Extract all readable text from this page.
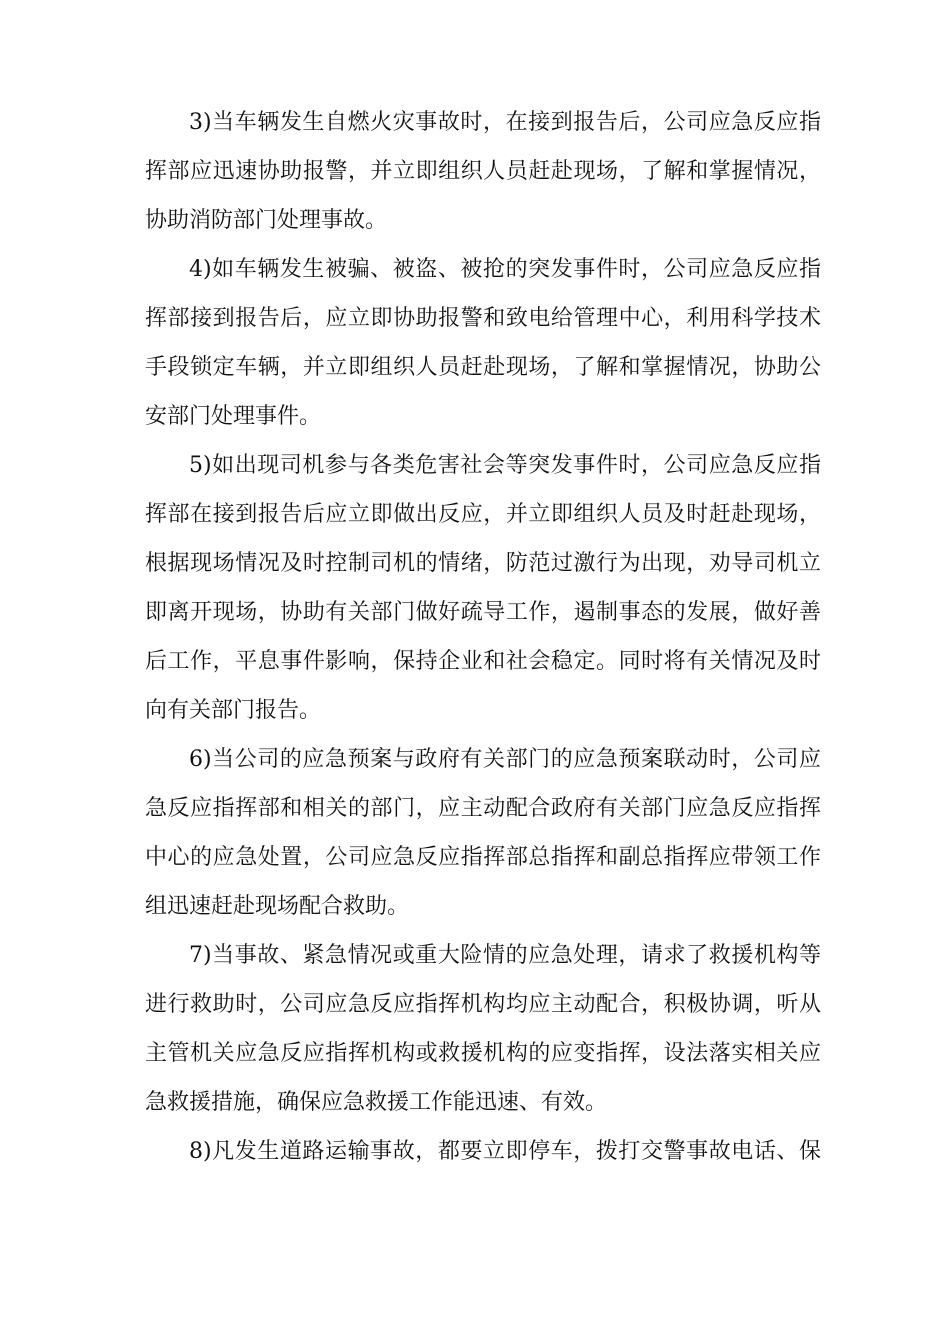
3)当车辆发生自燃火灾事故时，在接到报告后，公司应急反应指
挥部应迅速协助报警，并立即组织人员赶赴现场，了解和掌握情况，
协助消防部门处理事故。
4)如车辆发生被骗、被盗、被抢的突发事件时，公司应急反应指
挥部接到报告后，应立即协助报警和致电给管理中心，利用科学技术
手段锁定车辆，并立即组织人员赶赴现场，了解和掌握情况，协助公
安部门处理事件。
5)如出现司机参与各类危害社会等突发事件时，公司应急反应指
挥部在接到报告后应立即做出反应，并立即组织人员及时赶赴现场，
根据现场情况及时控制司机的情绪，防范过激行为出现，劝导司机立
即离开现场，协助有关部门做好疏导工作，遏制事态的发展，做好善
后工作，平息事件影响，保持企业和社会稳定。同时将有关情况及时
向有关部门报告。
6)当公司的应急预案与政府有关部门的应急预案联动时，公司应
急反应指挥部和相关的部门，应主动配合政府有关部门应急反应指挥
中心的应急处置，公司应急反应指挥部总指挥和副总指挥应带领工作
组迅速赶赴现场配合救助。
7)当事故、紧急情况或重大险情的应急处理，请求了救援机构等
进行救助时，公司应急反应指挥机构均应主动配合，积极协调，听从
主管机关应急反应指挥机构或救援机构的应变指挥，设法落实相关应
急救援措施，确保应急救援工作能迅速、有效。
8)凡发生道路运输事故，都要立即停车，拨打交警事故电话、保
